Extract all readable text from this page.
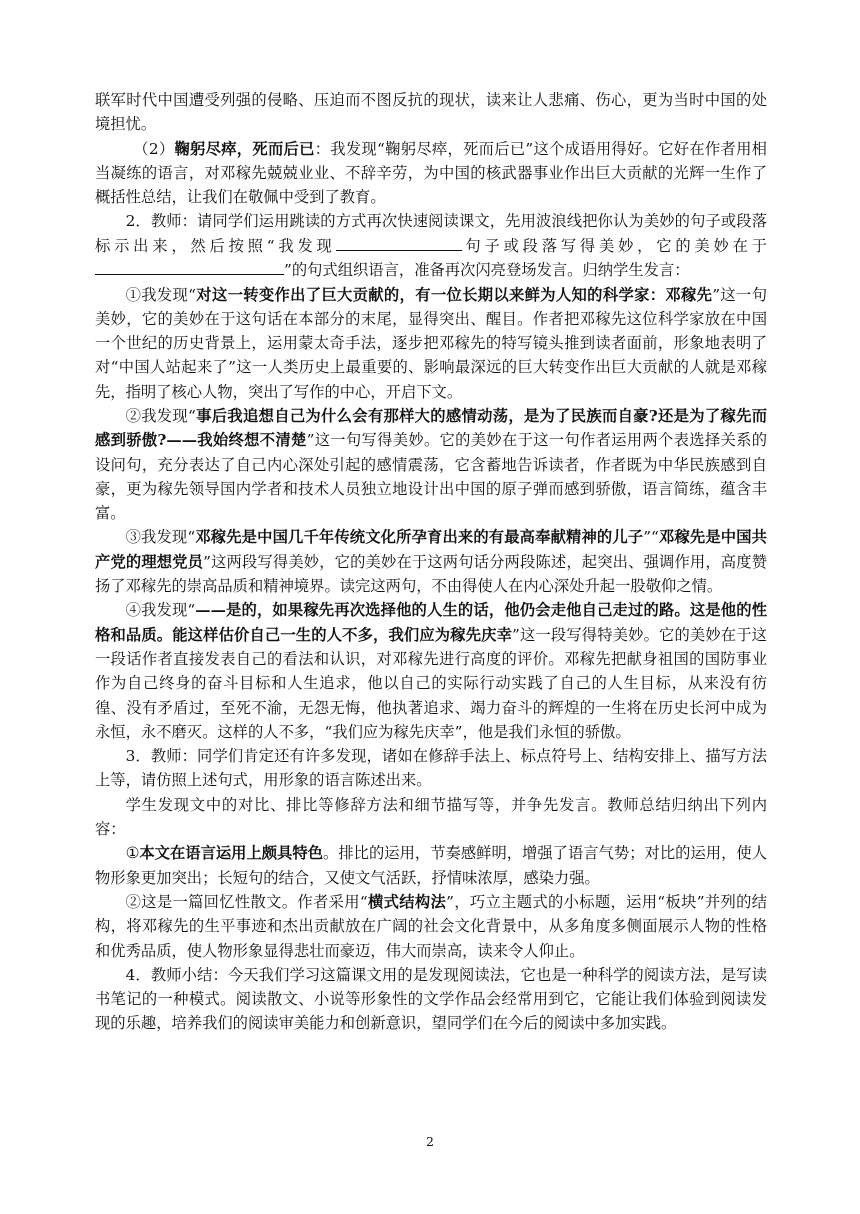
联军时代中国遭受列强的侵略、压迫而不图反抗的现状，读来让人悲痛、伤心，更为当时中国的处境担忧。

（2）鞠躬尽瘁，死而后已：我发现“鞠躬尽瘁，死而后已”这个成语用得好。它好在作者用相当凝练的语言，对邓稼先兢兢业业、不辞辛劳，为中国的核武器事业作出巨大贡献的光辉一生作了概括性总结，让我们在敬佩中受到了教育。

2．教师：请同学们运用跳读的方式再次快速阅读课文，先用波浪线把你认为美妙的句子或段落标示出来，然后按照“我发现	句子或段落写得美妙，它的美妙在于”的句式组织语言，准备再次闪亮登场发言。归纳学生发言：

①我发现“对这一转变作出了巨大贡献的，有一位长期以来鲜为人知的科学家：邓稼先”这一句美妙，它的美妙在于这句话在本部分的末尾，显得突出、醒目。作者把邓稼先这位科学家放在中国一个世纪的历史背景上，运用蒙太奇手法，逐步把邓稼先的特写镜头推到读者面前，形象地表明了对“中国人站起来了”这一人类历史上最重要的、影响最深远的巨大转变作出巨大贡献的人就是邓稼先，指明了核心人物，突出了写作的中心，开启下文。

②我发现“事后我追想自己为什么会有那样大的感情动荡，是为了民族而自豪?还是为了稼先而感到骄傲?——我始终想不清楚”这一句写得美妙。它的美妙在于这一句作者运用两个表选择关系的设问句，充分表达了自己内心深处引起的感情震荡，它含蓄地告诉读者，作者既为中华民族感到自豪，更为稼先领导国内学者和技术人员独立地设计出中国的原子弹而感到骄傲，语言简练，蕴含丰富。

③我发现“邓稼先是中国几千年传统文化所孕育出来的有最高奉献精神的儿子”“邓稼先是中国共产党的理想党员”这两段写得美妙，它的美妙在于这两句话分两段陈述，起突出、强调作用，高度赞扬了邓稼先的崇高品质和精神境界。读完这两句，不由得使人在内心深处升起一股敬仰之情。

④我发现“——是的，如果稼先再次选择他的人生的话，他仍会走他自己走过的路。这是他的性格和品质。能这样估价自己一生的人不多，我们应为稼先庆幸”这一段写得特美妙。它的美妙在于这一段话作者直接发表自己的看法和认识，对邓稼先进行高度的评价。邓稼先把献身祖国的国防事业作为自己终身的奋斗目标和人生追求，他以自己的实际行动实践了自己的人生目标，从来没有彷徨、没有矛盾过，至死不渝，无怨无悔，他执著追求、竭力奋斗的辉煌的一生将在历史长河中成为永恒，永不磨灭。这样的人不多，“我们应为稼先庆幸”，他是我们永恒的骄傲。

3．教师：同学们肯定还有许多发现，诸如在修辞手法上、标点符号上、结构安排上、描写方法上等，请仿照上述句式，用形象的语言陈述出来。

学生发现文中的对比、排比等修辞方法和细节描写等，并争先发言。教师总结归纳出下列内容：

①本文在语言运用上颇具特色。排比的运用，节奏感鲜明，增强了语言气势；对比的运用，使人物形象更加突出；长短句的结合，又使文气活跃，抒情味浓厚，感染力强。

②这是一篇回忆性散文。作者采用“横式结构法”，巧立主题式的小标题，运用“板块”并列的结构，将邓稼先的生平事迹和杰出贡献放在广阔的社会文化背景中，从多角度多侧面展示人物的性格和优秀品质，使人物形象显得悲壮而豪迈，伟大而崇高，读来令人仰止。

4．教师小结：今天我们学习这篇课文用的是发现阅读法，它也是一种科学的阅读方法，是写读书笔记的一种模式。阅读散文、小说等形象性的文学作品会经常用到它，它能让我们体验到阅读发现的乐趣，培养我们的阅读审美能力和创新意识，望同学们在今后的阅读中多加实践。

2
